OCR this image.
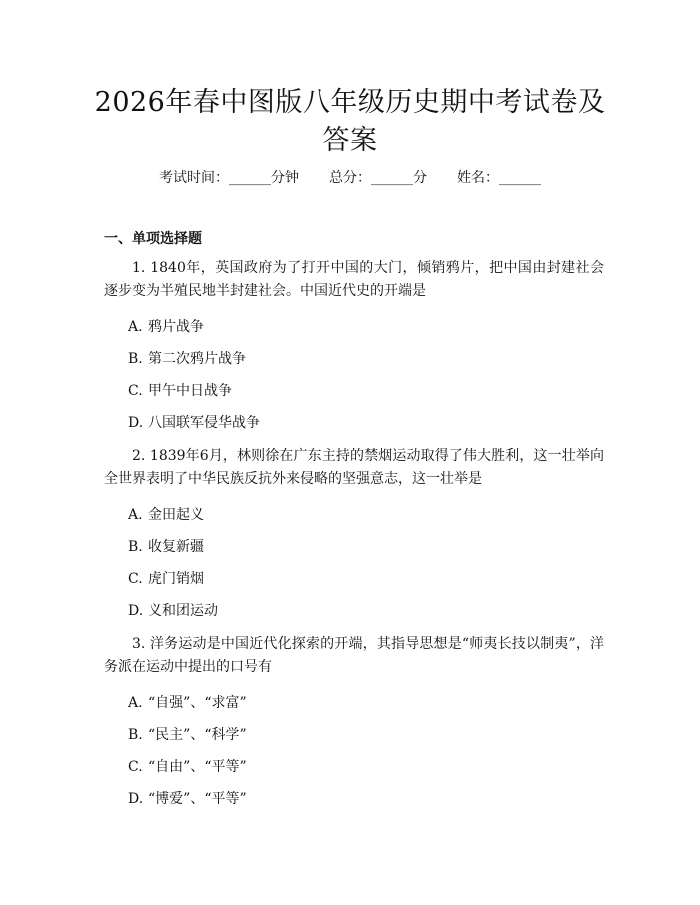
2026年春中图版八年级历史期中考试卷及答案
考试时间：______分钟 总分：______分 姓名：______
一、单项选择题

1. 1840年，英国政府为了打开中国的大门，倾销鸦片，把中国由封建社会逐步变为半殖民地半封建社会。中国近代史的开端是

A. 鸦片战争
B. 第二次鸦片战争
C. 甲午中日战争
D. 八国联军侵华战争

2. 1839年6月，林则徐在广东主持的禁烟运动取得了伟大胜利，这一壮举向全世界表明了中华民族反抗外来侵略的坚强意志，这一壮举是

A. 金田起义
B. 收复新疆
C. 虎门销烟
D. 义和团运动

3. 洋务运动是中国近代化探索的开端，其指导思想是“师夷长技以制夷”，洋务派在运动中提出的口号有

A. “自强”、“求富”
B. “民主”、“科学”
C. “自由”、“平等”
D. “博爱”、“平等”
